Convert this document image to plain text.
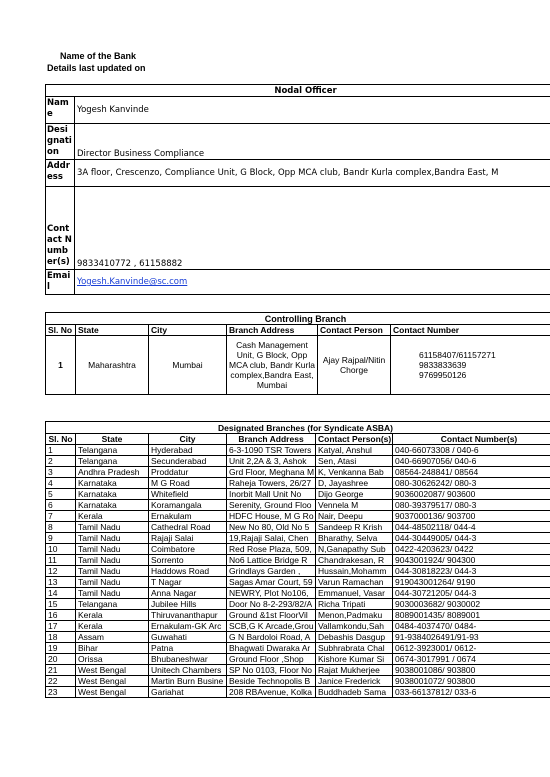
Name of the Bank
Details last updated on
Nodal Officer	
Name	Yogesh Kanvinde
Designation	Director Business Compliance
Address	3A floor, Crescenzo, Compliance Unit, G Block, Opp MCA club, Bandr Kurla complex,Bandra East, M
Contact Number(s)	9833410772 , 61158882
Email	Yogesh.Kanvinde@sc.com
Controlling Branch					
Sl. No	State	City	Branch Address	Contact Person	Contact Number
1	Maharashtra	Mumbai	Cash Management Unit, G Block, Opp MCA club, Bandr Kurla complex,Bandra East, Mumbai	Ajay Rajpal/Nitin Chorge	61158407/61157271 9833833639 9769950126
Designated Branches (for Syndicate ASBA)					
Sl. No	State	City	Branch Address	Contact Person(s)	Contact Number(s)
1	Telangana	Hyderabad	6-3-1090 TSR Towers	Katyal, Anshul	040-66073308 / 040-6
2	Telangana	Secunderabad	Unit 2,2A & 3, Ashok	Sen, Atasi	040-66907056/ 040-6
3	Andhra Pradesh	Proddatur	Grd Floor, Meghana M	K, Venkanna Bab	08564-248841/ 08564
4	Karnataka	M G Road	Raheja Towers, 26/27	D, Jayashree	080-30626242/ 080-3
5	Karnataka	Whitefield	Inorbit Mall Unit No	Dijo George	9036002087/ 903600
6	Karnataka	Koramangala	Serenity, Ground Floo	Vennela M	080-39379517/ 080-3
7	Kerala	Ernakulam	HDFC House, M G Ro	Nair, Deepu	9037000136/ 903700
8	Tamil Nadu	Cathedral Road	New No 80, Old No 5	Sandeep R Krish	044-48502118/ 044-4
9	Tamil Nadu	Rajaji Salai	19,Rajaji Salai, Chen	Bharathy, Selva	044-30449005/ 044-3
10	Tamil Nadu	Coimbatore	Red Rose Plaza, 509,	N,Ganapathy Sub	0422-4203623/ 0422
11	Tamil Nadu	Sorrento	No6 Lattice Bridge R	Chandrakesan, R	9043001924/ 904300
12	Tamil Nadu	Haddows Road	Grindlays Garden ,	Hussain,Mohamm	044-30818223/ 044-3
13	Tamil Nadu	T Nagar	Sagas Amar Court, 59	Varun Ramachan	919043001264/ 9190
14	Tamil Nadu	Anna Nagar	NEWRY, Plot No106,	Emmanuel, Vasar	044-30721205/ 044-3
15	Telangana	Jubilee Hills	Door No 8-2-293/82/A	Richa Tripati	9030003682/ 9030002
16	Kerala	Thiruvananthapur	Ground &1st FloorVil	Menon,Padmaku	8089001435/ 8089001
17	Kerala	Ernakulam-GK Arc	SCB,G K Arcade,Grou	Vallamkondu,Sah	0484-4037470/ 0484-
18	Assam	Guwahati	G N Bardoloi Road, A	Debashis Dasgup	91-9384026491/91-93
19	Bihar	Patna	Bhagwati Dwaraka Ar	Subhrabrata Chal	0612-3923001/ 0612-
20	Orissa	Bhubaneshwar	Ground Floor ,Shop	Kishore Kumar Si	0674-3017991 / 0674
21	West Bengal	Unitech Chambers	SP No 0103, Floor No	Rajat Mukherjee	9038001086/ 903800
22	West Bengal	Martin Burn Busine	Beside Technopolis B	Janice Frederick	9038001072/ 903800
23	West Bengal	Gariahat	208 RBAvenue, Kolka	Buddhadeb Sama	033-66137812/ 033-6
